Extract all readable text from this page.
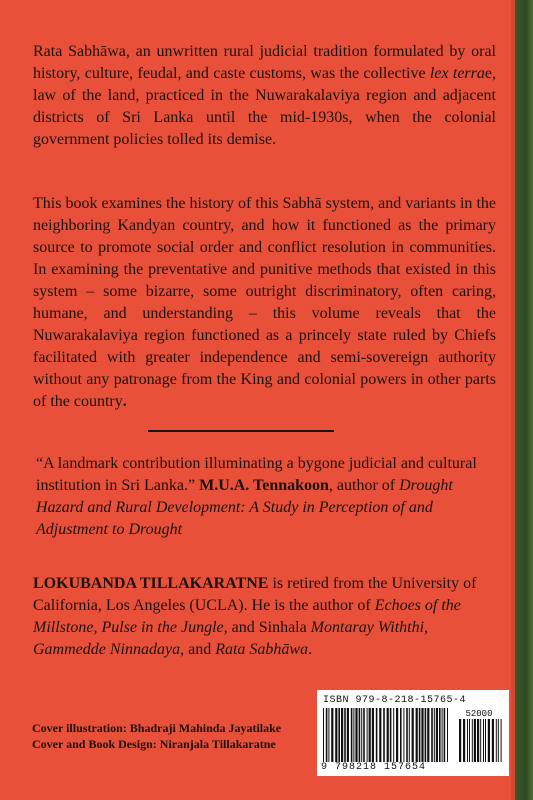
Rata Sabhāwa, an unwritten rural judicial tradition formulated by oral history, culture, feudal, and caste customs, was the collective lex terrae, law of the land, practiced in the Nuwarakalaviya region and adjacent districts of Sri Lanka until the mid-1930s, when the colonial government policies tolled its demise.
This book examines the history of this Sabhā system, and variants in the neighboring Kandyan country, and how it functioned as the primary source to promote social order and conflict resolution in communities. In examining the preventative and punitive methods that existed in this system – some bizarre, some outright discriminatory, often caring, humane, and understanding – this volume reveals that the Nuwarakalaviya region functioned as a princely state ruled by Chiefs facilitated with greater independence and semi-sovereign authority without any patronage from the King and colonial powers in other parts of the country.
“A landmark contribution illuminating a bygone judicial and cultural institution in Sri Lanka.” M.U.A. Tennakoon, author of Drought Hazard and Rural Development: A Study in Perception of and Adjustment to Drought
LOKUBANDA TILLAKARATNE is retired from the University of California, Los Angeles (UCLA). He is the author of Echoes of the Millstone, Pulse in the Jungle, and Sinhala Montaray Withthi, Gammedde Ninnadaya, and Rata Sabhāwa.
Cover illustration: Bhadraji Mahinda Jayatilake
Cover and Book Design: Niranjala Tillakaratne
ISBN 979-8-218-15765-4
52000
9 798218 157654
